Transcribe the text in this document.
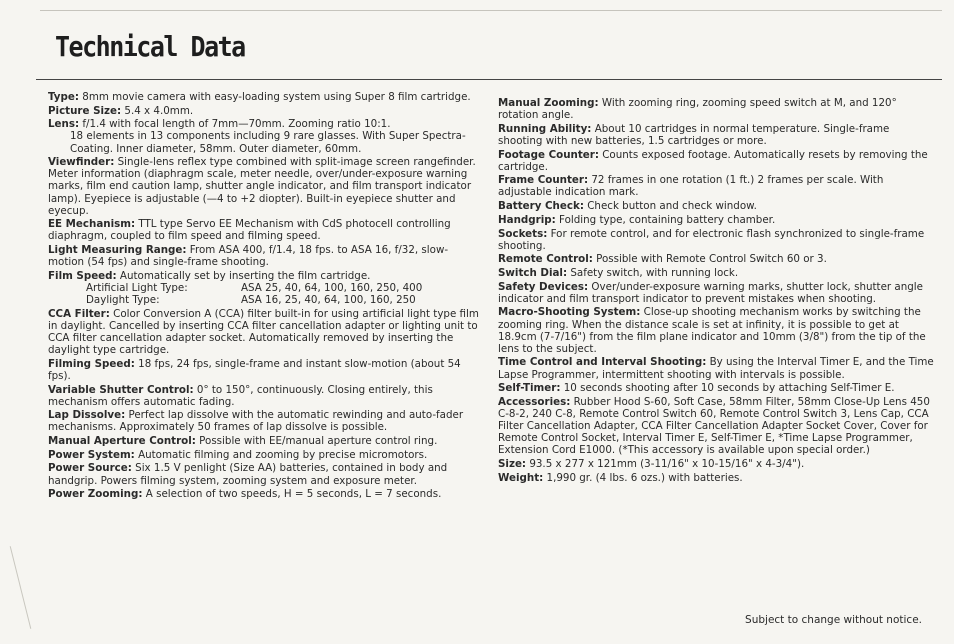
Technical Data
Type: 8mm movie camera with easy-loading system using Super 8 film cartridge.
Picture Size: 5.4 x 4.0mm.
Lens: f/1.4 with focal length of 7mm—70mm. Zooming ratio 10:1.
18 elements in 13 components including 9 rare glasses. With Super Spectra-Coating. Inner diameter, 58mm. Outer diameter, 60mm.
Viewfinder: Single-lens reflex type combined with split-image screen rangefinder. Meter information (diaphragm scale, meter needle, over/under-exposure warning marks, film end caution lamp, shutter angle indicator, and film transport indicator lamp). Eyepiece is adjustable (—4 to +2 diopter). Built-in eyepiece shutter and eyecup.
EE Mechanism: TTL type Servo EE Mechanism with CdS photocell controlling diaphragm, coupled to film speed and filming speed.
Light Measuring Range: From ASA 400, f/1.4, 18 fps. to ASA 16, f/32, slow-motion (54 fps) and single-frame shooting.
Film Speed: Automatically set by inserting the film cartridge.
Artificial Light Type:	ASA 25, 40, 64, 100, 160, 250, 400
Daylight Type:	ASA 16, 25, 40, 64, 100, 160, 250
CCA Filter: Color Conversion A (CCA) filter built-in for using artificial light type film in daylight. Cancelled by inserting CCA filter cancellation adapter or lighting unit to CCA filter cancellation adapter socket. Automatically removed by inserting the daylight type cartridge.
Filming Speed: 18 fps, 24 fps, single-frame and instant slow-motion (about 54 fps).
Variable Shutter Control: 0° to 150°, continuously. Closing entirely, this mechanism offers automatic fading.
Lap Dissolve: Perfect lap dissolve with the automatic rewinding and auto-fader mechanisms. Approximately 50 frames of lap dissolve is possible.
Manual Aperture Control: Possible with EE/manual aperture control ring.
Power System: Automatic filming and zooming by precise micromotors.
Power Source: Six 1.5 V penlight (Size AA) batteries, contained in body and handgrip. Powers filming system, zooming system and exposure meter.
Power Zooming: A selection of two speeds, H = 5 seconds, L = 7 seconds.
Manual Zooming: With zooming ring, zooming speed switch at M, and 120° rotation angle.
Running Ability: About 10 cartridges in normal temperature. Single-frame shooting with new batteries, 1.5 cartridges or more.
Footage Counter: Counts exposed footage. Automatically resets by removing the cartridge.
Frame Counter: 72 frames in one rotation (1 ft.) 2 frames per scale. With adjustable indication mark.
Battery Check: Check button and check window.
Handgrip: Folding type, containing battery chamber.
Sockets: For remote control, and for electronic flash synchronized to single-frame shooting.
Remote Control: Possible with Remote Control Switch 60 or 3.
Switch Dial: Safety switch, with running lock.
Safety Devices: Over/under-exposure warning marks, shutter lock, shutter angle indicator and film transport indicator to prevent mistakes when shooting.
Macro-Shooting System: Close-up shooting mechanism works by switching the zooming ring. When the distance scale is set at infinity, it is possible to get at 18.9cm (7-7/16") from the film plane indicator and 10mm (3/8") from the tip of the lens to the subject.
Time Control and Interval Shooting: By using the Interval Timer E, and the Time Lapse Programmer, intermittent shooting with intervals is possible.
Self-Timer: 10 seconds shooting after 10 seconds by attaching Self-Timer E.
Accessories: Rubber Hood S-60, Soft Case, 58mm Filter, 58mm Close-Up Lens 450 C-8-2, 240 C-8, Remote Control Switch 60, Remote Control Switch 3, Lens Cap, CCA Filter Cancellation Adapter, CCA Filter Cancellation Adapter Socket Cover, Cover for Remote Control Socket, Interval Timer E, Self-Timer E, *Time Lapse Programmer, Extension Cord E1000. (*This accessory is available upon special order.)
Size: 93.5 x 277 x 121mm (3-11/16" x 10-15/16" x 4-3/4").
Weight: 1,990 gr. (4 lbs. 6 ozs.) with batteries.
Subject to change without notice.
